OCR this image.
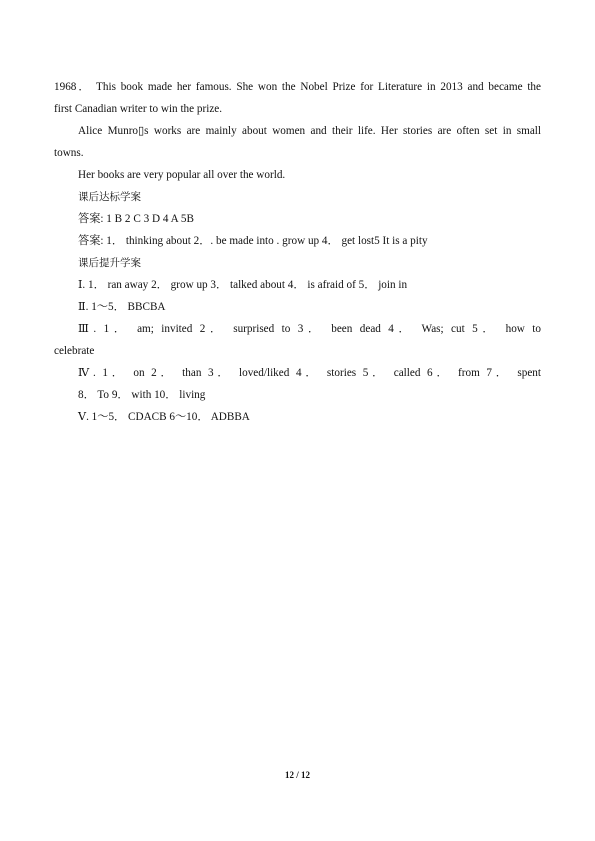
1968． This book made her famous. She won the Nobel Prize for Literature in 2013 and became the
first Canadian writer to win the prize.
Alice Munro▯s works are mainly about women and their life. Her stories are often set in small
towns.
Her books are very popular all over the world.
课后达标学案
答案: 1 B 2 C 3 D 4 A 5B
答案: 1． thinking about 2．. be made into . grow up 4． get lost5 It is a pity
课后提升学案
Ⅰ. 1． ran away 2． grow up 3． talked about 4． is afraid of 5． join in
Ⅱ. 1～5． BBCBA
Ⅲ. 1． am; invited 2． surprised to 3． been dead 4． Was; cut 5． how to
celebrate
Ⅳ. 1． on 2． than 3． loved/liked 4． stories 5． called 6． from 7． spent
8． To 9． with 10． living
Ⅴ. 1～5． CDACB 6～10． ADBBA
12 / 12
